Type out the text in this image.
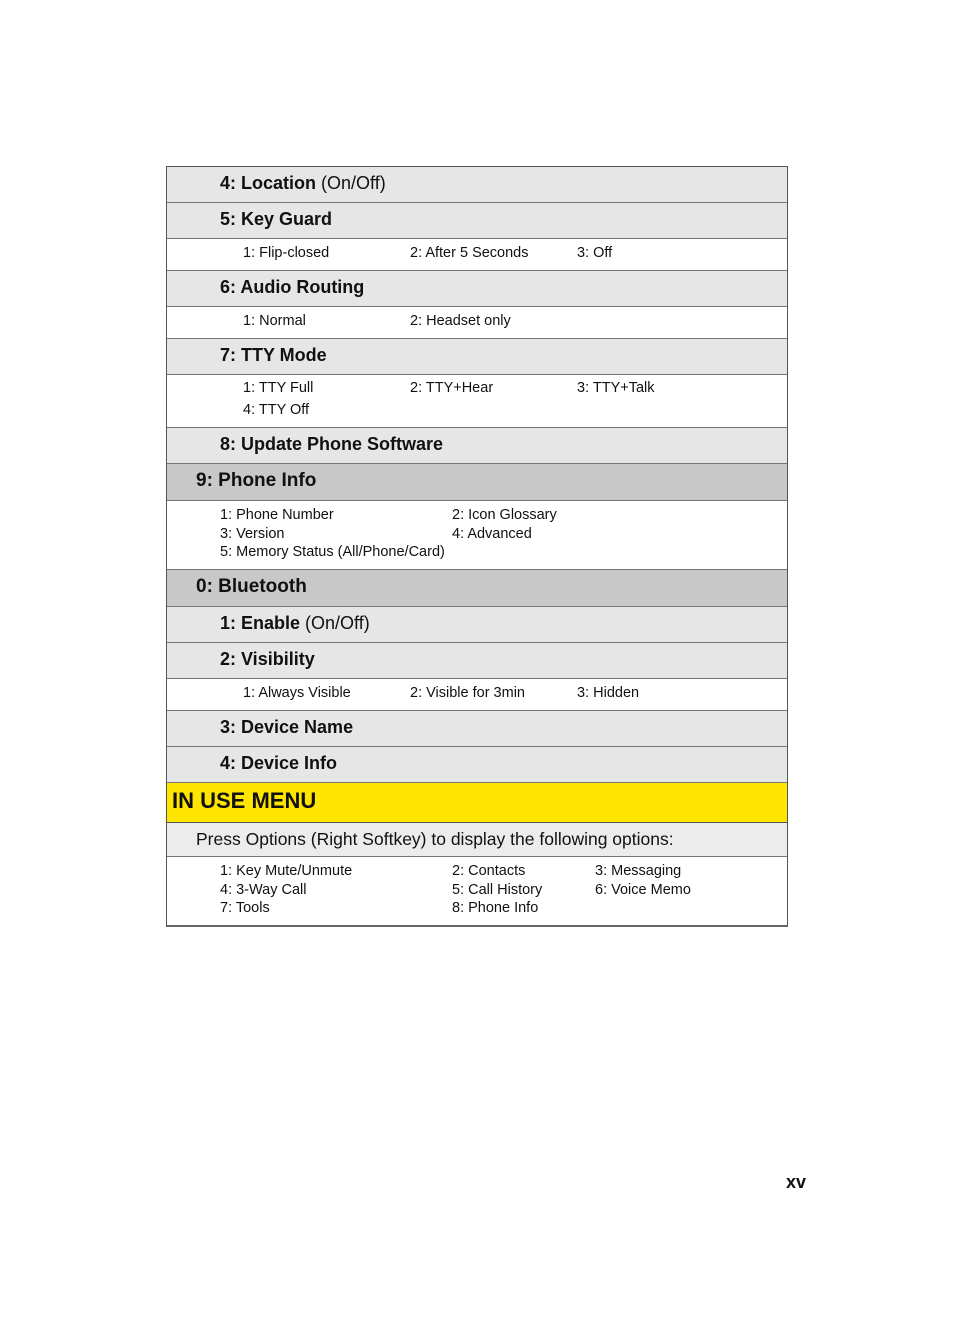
4: Location (On/Off)
5: Key Guard
1: Flip-closed	2: After 5 Seconds	3: Off
6: Audio Routing
1: Normal	2: Headset only
7: TTY Mode
1: TTY Full	2: TTY+Hear	3: TTY+Talk
4: TTY Off
8: Update Phone Software
9: Phone Info
1: Phone Number	2: Icon Glossary
3: Version	4: Advanced
5: Memory Status (All/Phone/Card)
0: Bluetooth
1: Enable (On/Off)
2: Visibility
1: Always Visible	2: Visible for 3min	3: Hidden
3: Device Name
4: Device Info
IN USE MENU
Press Options (Right Softkey) to display the following options:
1: Key Mute/Unmute	2: Contacts	3: Messaging
4: 3-Way Call	5: Call History	6: Voice Memo
7: Tools	8: Phone Info
xv
